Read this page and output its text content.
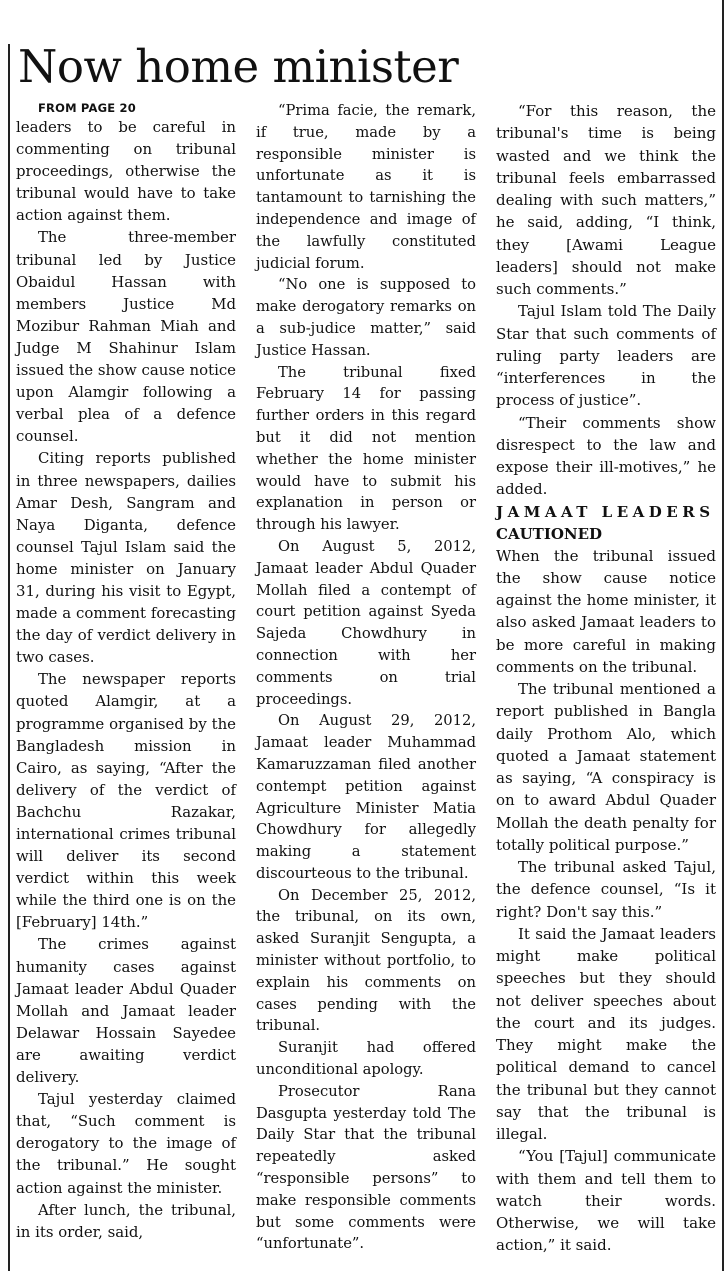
Now home minister

FROM PAGE 20

leaders to be careful in commenting on tribunal proceedings, otherwise the tribunal would have to take action against them.

The three-member tribunal led by Justice Obaidul Hassan with members Justice Md Mozibur Rahman Miah and Judge M Shahinur Islam issued the show cause notice upon Alamgir following a verbal plea of a defence counsel.

Citing reports published in three newspapers, dailies Amar Desh, Sangram and Naya Diganta, defence counsel Tajul Islam said the home minister on January 31, during his visit to Egypt, made a comment forecasting the day of verdict delivery in two cases.

The newspaper reports quoted Alamgir, at a programme organised by the Bangladesh mission in Cairo, as saying, “After the delivery of the verdict of Bachchu Razakar, international crimes tribunal will deliver its second verdict within this week while the third one is on the [February] 14th.”

The crimes against humanity cases against Jamaat leader Abdul Quader Mollah and Jamaat leader Delawar Hossain Sayedee are awaiting verdict delivery.

Tajul yesterday claimed that, “Such comment is derogatory to the image of the tribunal.” He sought action against the minister.

After lunch, the tribunal, in its order, said,

“Prima facie, the remark, if true, made by a responsible minister is unfortunate as it is tantamount to tarnishing the independence and image of the lawfully constituted judicial forum.

“No one is supposed to make derogatory remarks on a sub-judice matter,” said Justice Hassan.

The tribunal fixed February 14 for passing further orders in this regard but it did not mention whether the home minister would have to submit his explanation in person or through his lawyer.

On August 5, 2012, Jamaat leader Abdul Quader Mollah filed a contempt of court petition against Syeda Sajeda Chowdhury in connection with her comments on trial proceedings.

On August 29, 2012, Jamaat leader Muhammad Kamaruzzaman filed another contempt petition against Agriculture Minister Matia Chowdhury for allegedly making a statement discourteous to the tribunal.

On December 25, 2012, the tribunal, on its own, asked Suranjit Sengupta, a minister without portfolio, to explain his comments on cases pending with the tribunal.

Suranjit had offered unconditional apology.

Prosecutor Rana Dasgupta yesterday told The Daily Star that the tribunal repeatedly asked “responsible persons” to make responsible comments but some comments were “unfortunate”.

“For this reason, the tribunal's time is being wasted and we think the tribunal feels embarrassed dealing with such matters,” he said, adding, “I think, they [Awami League leaders] should not make such comments.”

Tajul Islam told The Daily Star that such comments of ruling party leaders are “interferences in the process of justice”.

“Their comments show disrespect to the law and expose their ill-motives,” he added.

JAMAAT LEADERS
CAUTIONED

When the tribunal issued the show cause notice against the home minister, it also asked Jamaat leaders to be more careful in making comments on the tribunal.

The tribunal mentioned a report published in Bangla daily Prothom Alo, which quoted a Jamaat statement as saying, “A conspiracy is on to award Abdul Quader Mollah the death penalty for totally political purpose.”

The tribunal asked Tajul, the defence counsel, “Is it right? Don't say this.”

It said the Jamaat leaders might make political speeches but they should not deliver speeches about the court and its judges. They might make the political demand to cancel the tribunal but they cannot say that the tribunal is illegal.

“You [Tajul] communicate with them and tell them to watch their words. Otherwise, we will take action,” it said.
